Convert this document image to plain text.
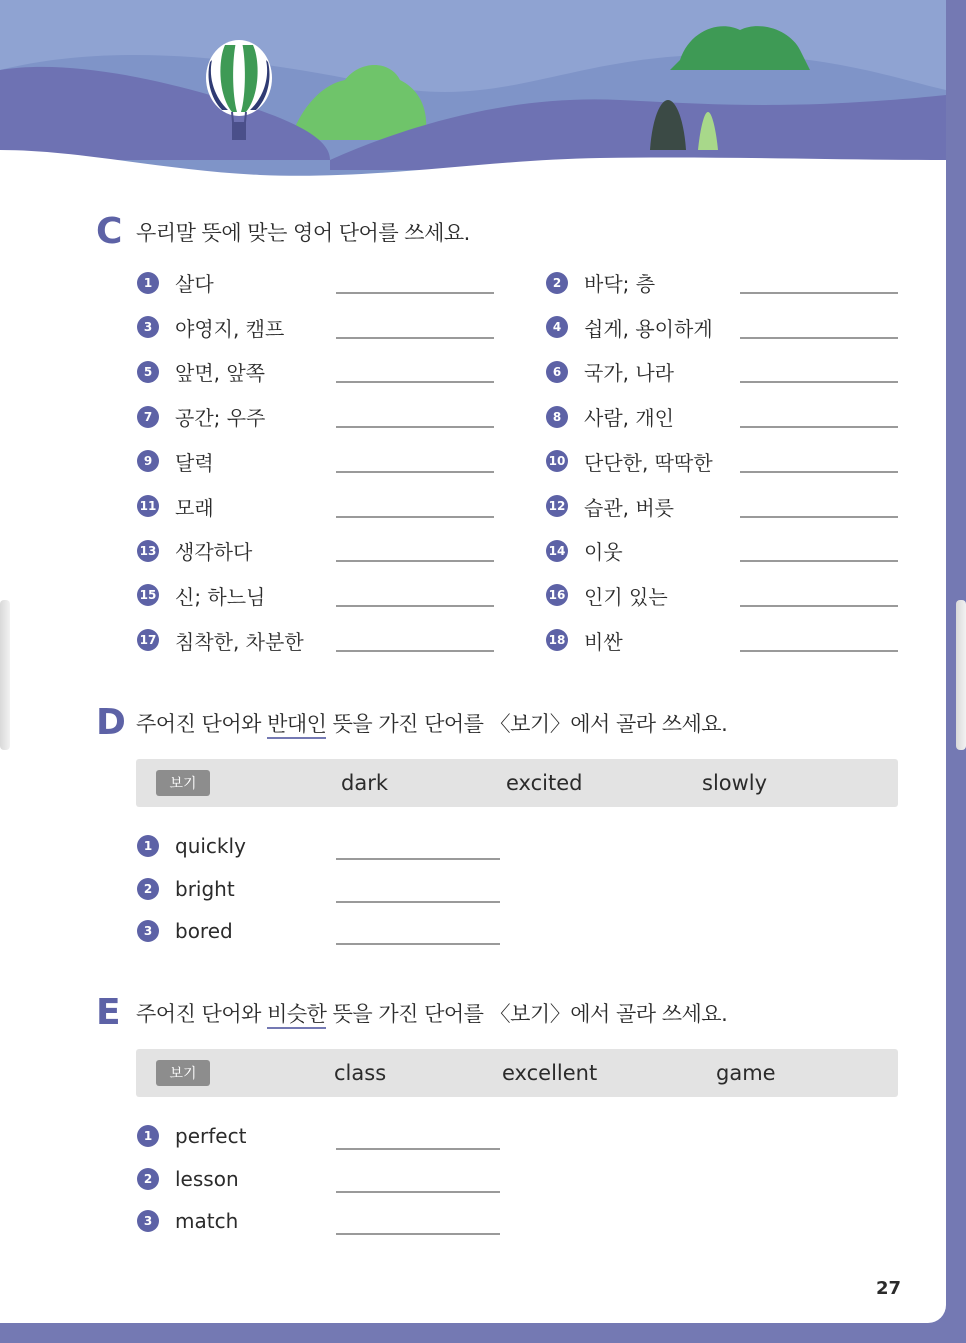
C 우리말 뜻에 맞는 영어 단어를 쓰세요.
1	살다	2	바닥; 층
3	야영지, 캠프	4	쉽게, 용이하게
5	앞면, 앞쪽	6	국가, 나라
7	공간; 우주	8	사람, 개인
9	달력	10 단단한, 딱딱한
11 모래	12 습관, 버릇
13 생각하다	14 이웃
15 신; 하느님	16 인기 있는
17 침착한, 차분한	18 비싼
D 주어진 단어와 반대인 뜻을 가진 단어를 〈보기〉에서 골라 쓰세요.
보기	dark	excited	slowly
1	quickly
2	bright
3	bored
E 주어진 단어와 비슷한 뜻을 가진 단어를 〈보기〉에서 골라 쓰세요.
보기	class	excellent	game
1	perfect
2	lesson
3	match
27
